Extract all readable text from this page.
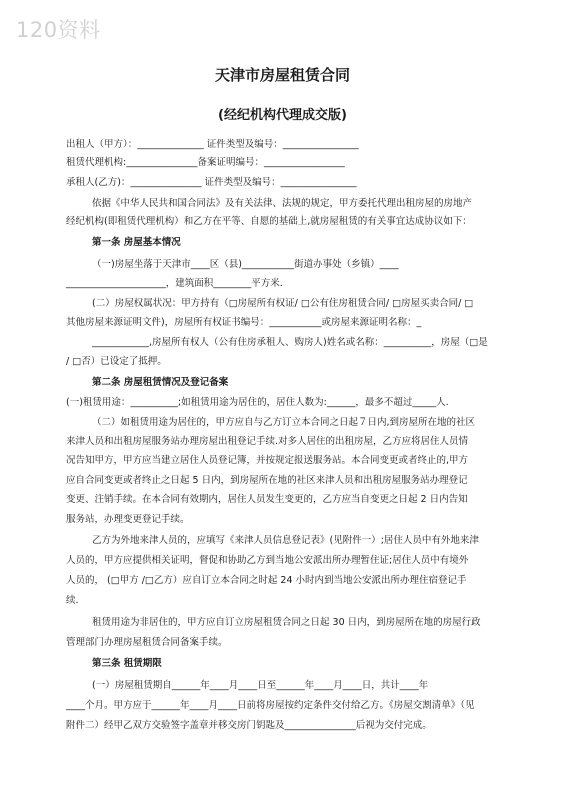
120资料
天津市房屋租赁合同
(经纪机构代理成交版)
出租人（甲方）：______________ 证件类型及编号：________________
租赁代理机构:_______________备案证明编号：_________________
承租人(乙方)：_______________ 证件类型及编号：________________
依据《中华人民共和国合同法》及有关法律、法规的规定，甲方委托代理出租房屋的房地产
经纪机构(即租赁代理机构）和乙方在平等、自愿的基础上,就房屋租赁的有关事宜达成协议如下：
第一条 房屋基本情况
（一)房屋坐落于天津市____区（县)___________街道办事处（乡镇）____
_____________________，建筑面积________平方米.
(二）房屋权属状况：甲方持有（□房屋所有权证/ □公有住房租赁合同/ □房屋买卖合同/ □
其他房屋来源证明文件)，房屋所有权证书编号：___________或房屋来源证明名称：_
____________,房屋所有权人（公有住房承租人、购房人)姓名或名称：__________，房屋（□是
/ □否）已设定了抵押。
第二条 房屋租赁情况及登记备案
(一)租赁用途：__________;如租赁用途为居住的，居住人数为:______，最多不超过_____人.
（二）如租赁用途为居住的，甲方应自与乙方订立本合同之日起７日内,到房屋所在地的社区
来津人员和出租房屋服务站办理房屋出租登记手续.对多人居住的出租房屋，乙方应将居住人员情
况告知甲方，甲方应当建立居住人员登记簿，并按规定报送服务站。本合同变更或者终止的,甲方
应自合同变更或者终止之日起 5 日内，到房屋所在地的社区来津人员和出租房屋服务站办理登记
变更、注销手续。在本合同有效期内，居住人员发生变更的，乙方应当自变更之日起 2 日内告知
服务站，办理变更登记手续。
乙方为外地来津人员的，应填写《来津人员信息登记表》(见附件一）;居住人员中有外地来津
人员的，甲方应提供相关证明，督促和协助乙方到当地公安派出所办理暂住证;居住人员中有境外
人员的， (□甲方 /□乙方）应自订立本合同之时起 24 小时内到当地公安派出所办理住宿登记手
续.
租赁用途为非居住的，甲方应自订立房屋租赁合同之日起 30 日内，到房屋所在地的房屋行政
管理部门办理房屋租赁合同备案手续。
第三条 租赁期限
(一）房屋租赁期自______年____月____日至______年____月____日，共计____年
____个月。甲方应于______年____月____日前将房屋按约定条件交付给乙方。《房屋交割清单》（见
附件二）经甲乙双方交验签字盖章并移交房门钥匙及_______________后视为交付完成。
